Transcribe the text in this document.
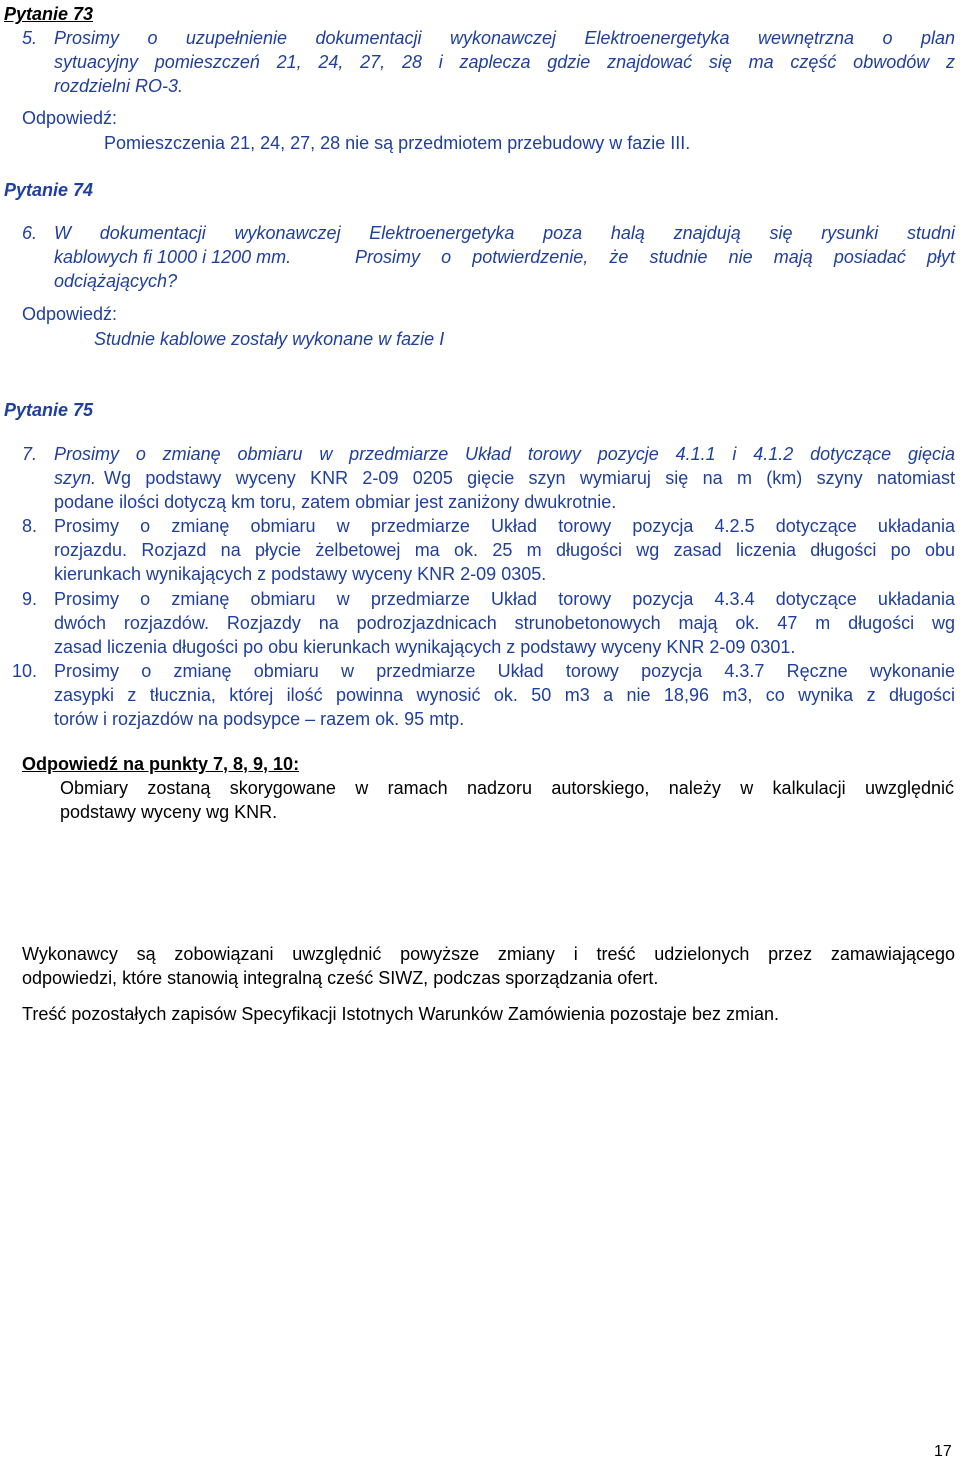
Pytanie 73
5. Prosimy o uzupełnienie dokumentacji wykonawczej Elektroenergetyka wewnętrzna o plan
sytuacyjny pomieszczeń 21, 24, 27, 28 i zaplecza gdzie znajdować się ma część obwodów z
rozdzielni RO-3.
Odpowiedź:
Pomieszczenia 21, 24, 27, 28 nie są przedmiotem przebudowy w fazie III.
Pytanie 74
6. W dokumentacji wykonawczej Elektroenergetyka poza halą znajdują się rysunki studni
kablowych fi 1000 i 1200 mm.	Prosimy o potwierdzenie, że studnie nie mają posiadać płyt
odciążających?
Odpowiedź:
Studnie kablowe zostały wykonane w fazie I
Pytanie 75
7. Prosimy o zmianę obmiaru w przedmiarze Układ torowy pozycje 4.1.1 i 4.1.2 dotyczące gięcia
szyn. Wg podstawy wyceny KNR 2-09 0205 gięcie szyn wymiaruj się na m (km) szyny natomiast
podane ilości dotyczą km toru, zatem obmiar jest zaniżony dwukrotnie.
8. Prosimy o zmianę obmiaru w przedmiarze Układ torowy pozycja 4.2.5 dotyczące układania
rozjazdu. Rozjazd na płycie żelbetowej ma ok. 25 m długości wg zasad liczenia długości po obu
kierunkach wynikających z podstawy wyceny KNR 2-09 0305.
9. Prosimy o zmianę obmiaru w przedmiarze Układ torowy pozycja 4.3.4 dotyczące układania
dwóch rozjazdów. Rozjazdy na podrozjazdnicach strunobetonowych mają ok. 47 m długości wg
zasad liczenia długości po obu kierunkach wynikających z podstawy wyceny KNR 2-09 0301.
10. Prosimy o zmianę obmiaru w przedmiarze Układ torowy pozycja 4.3.7 Ręczne wykonanie
zasypki z tłucznia, której ilość powinna wynosić ok. 50 m3 a nie 18,96 m3, co wynika z długości
torów i rozjazdów na podsypce – razem ok. 95 mtp.
Odpowiedź na punkty 7, 8, 9, 10:
Obmiary zostaną skorygowane w ramach nadzoru autorskiego, należy w kalkulacji uwzględnić
podstawy wyceny wg KNR.
Wykonawcy są zobowiązani uwzględnić powyższe zmiany i treść udzielonych przez zamawiającego
odpowiedzi, które stanowią integralną cześć SIWZ, podczas sporządzania ofert.
Treść pozostałych zapisów Specyfikacji Istotnych Warunków Zamówienia pozostaje bez zmian.
17
